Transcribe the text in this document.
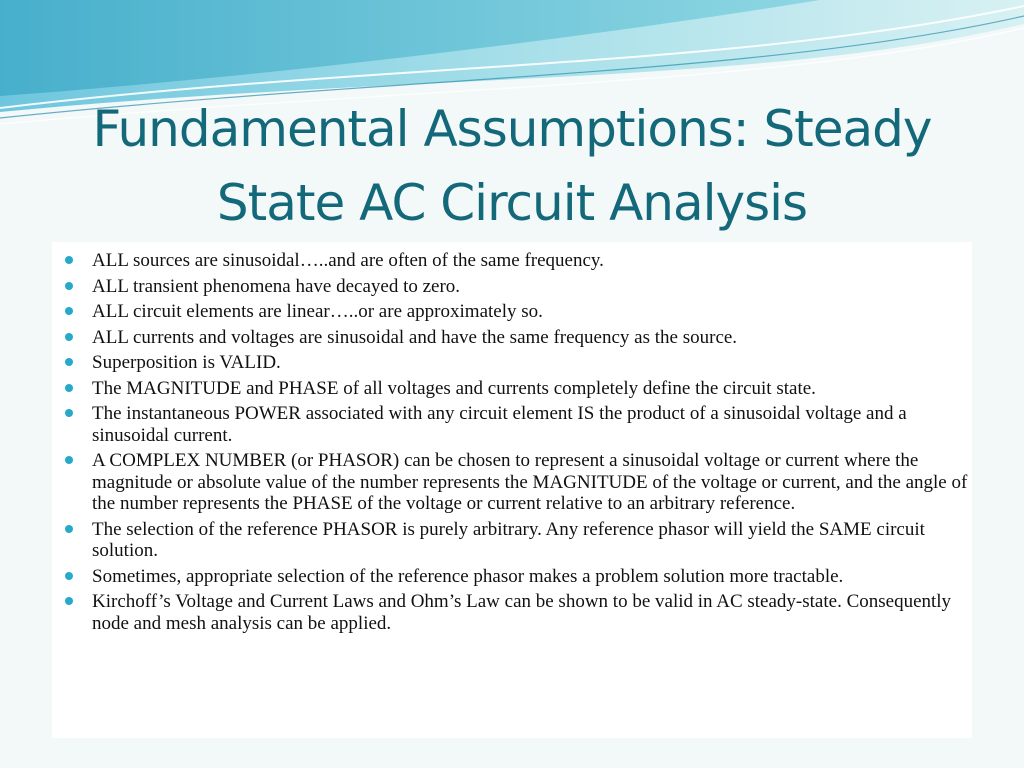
Fundamental Assumptions: Steady State AC Circuit Analysis
ALL sources are sinusoidal…..and are often of the same frequency.
ALL transient phenomena have decayed to zero.
ALL circuit elements are linear…..or are approximately so.
ALL currents and voltages are sinusoidal and have the same frequency as the source.
Superposition is VALID.
The MAGNITUDE and PHASE of all voltages and currents completely define the circuit state.
The instantaneous POWER associated with any circuit element IS the product of a sinusoidal voltage and a sinusoidal current.
A COMPLEX NUMBER (or PHASOR) can be chosen to represent a sinusoidal voltage or current where the magnitude or absolute value of the number represents the MAGNITUDE of the voltage or current, and the angle of the number represents the PHASE of the voltage or current relative to an arbitrary reference.
The selection of the reference PHASOR is purely arbitrary. Any reference phasor will yield the SAME circuit solution.
Sometimes, appropriate selection of the reference phasor makes a problem solution more tractable.
Kirchoff’s Voltage and Current Laws and Ohm’s Law can be shown to be valid in AC steady-state. Consequently node and mesh analysis can be applied.
